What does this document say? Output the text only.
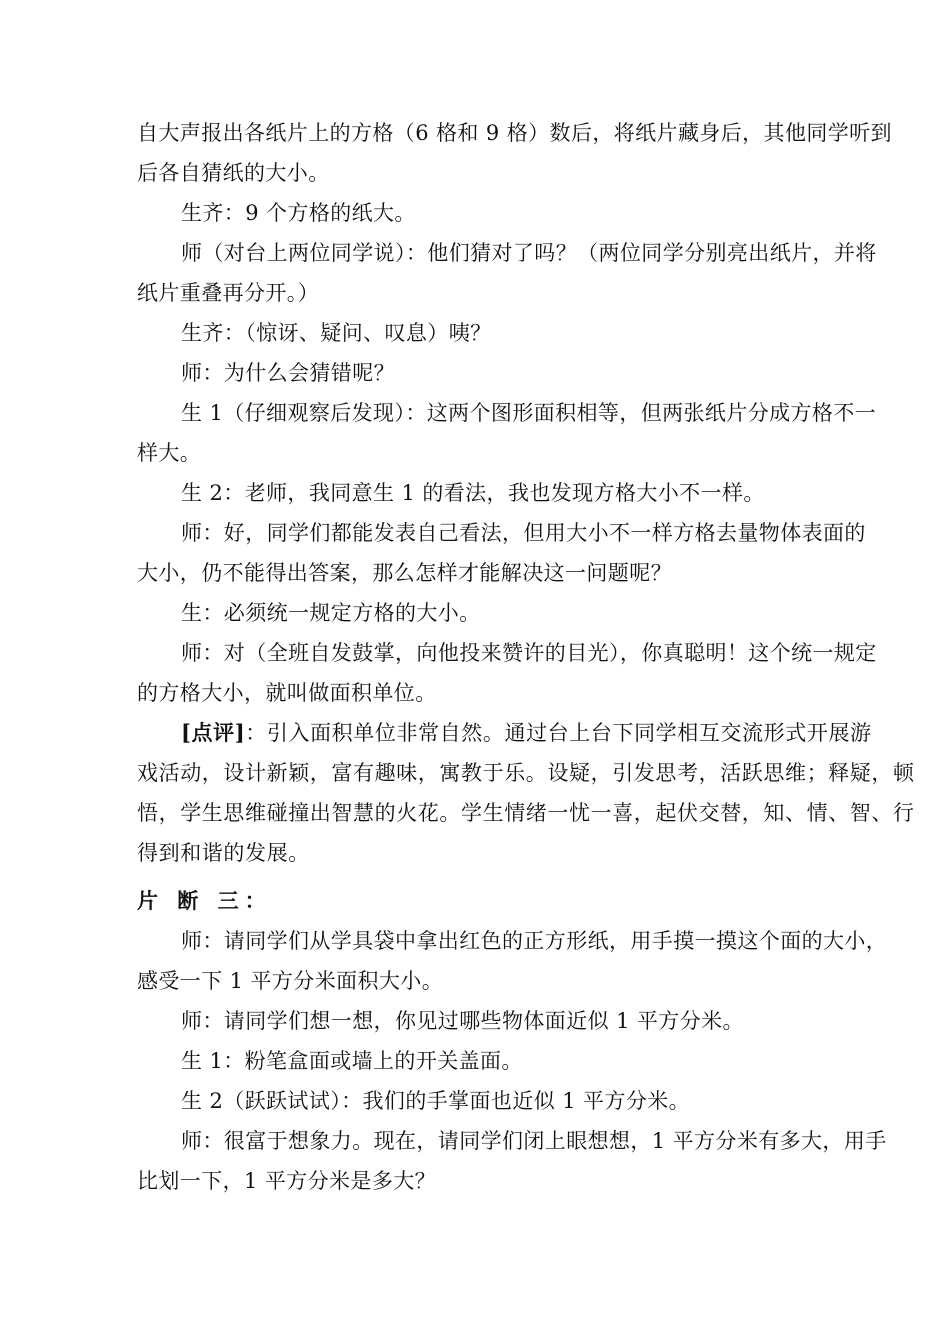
自大声报出各纸片上的方格（6 格和 9 格）数后，将纸片藏身后，其他同学听到
后各自猜纸的大小。
生齐：9 个方格的纸大。
师（对台上两位同学说）：他们猜对了吗？（两位同学分别亮出纸片，并将
纸片重叠再分开。）
生齐：（惊讶、疑问、叹息）咦？
师：为什么会猜错呢？
生 1（仔细观察后发现）：这两个图形面积相等，但两张纸片分成方格不一
样大。
生 2：老师，我同意生 1 的看法，我也发现方格大小不一样。
师：好，同学们都能发表自己看法，但用大小不一样方格去量物体表面的
大小，仍不能得出答案，那么怎样才能解决这一问题呢？
生：必须统一规定方格的大小。
师：对（全班自发鼓掌，向他投来赞许的目光），你真聪明！这个统一规定
的方格大小，就叫做面积单位。
[点评]：引入面积单位非常自然。通过台上台下同学相互交流形式开展游
戏活动，设计新颖，富有趣味，寓教于乐。设疑，引发思考，活跃思维；释疑，顿
悟，学生思维碰撞出智慧的火花。学生情绪一忧一喜，起伏交替，知、情、智、行
得到和谐的发展。
片 断 三：
师：请同学们从学具袋中拿出红色的正方形纸，用手摸一摸这个面的大小，
感受一下 1 平方分米面积大小。
师：请同学们想一想，你见过哪些物体面近似 1 平方分米。
生 1：粉笔盒面或墙上的开关盖面。
生 2（跃跃试试）：我们的手掌面也近似 1 平方分米。
师：很富于想象力。现在，请同学们闭上眼想想，1 平方分米有多大，用手
比划一下，1 平方分米是多大？
